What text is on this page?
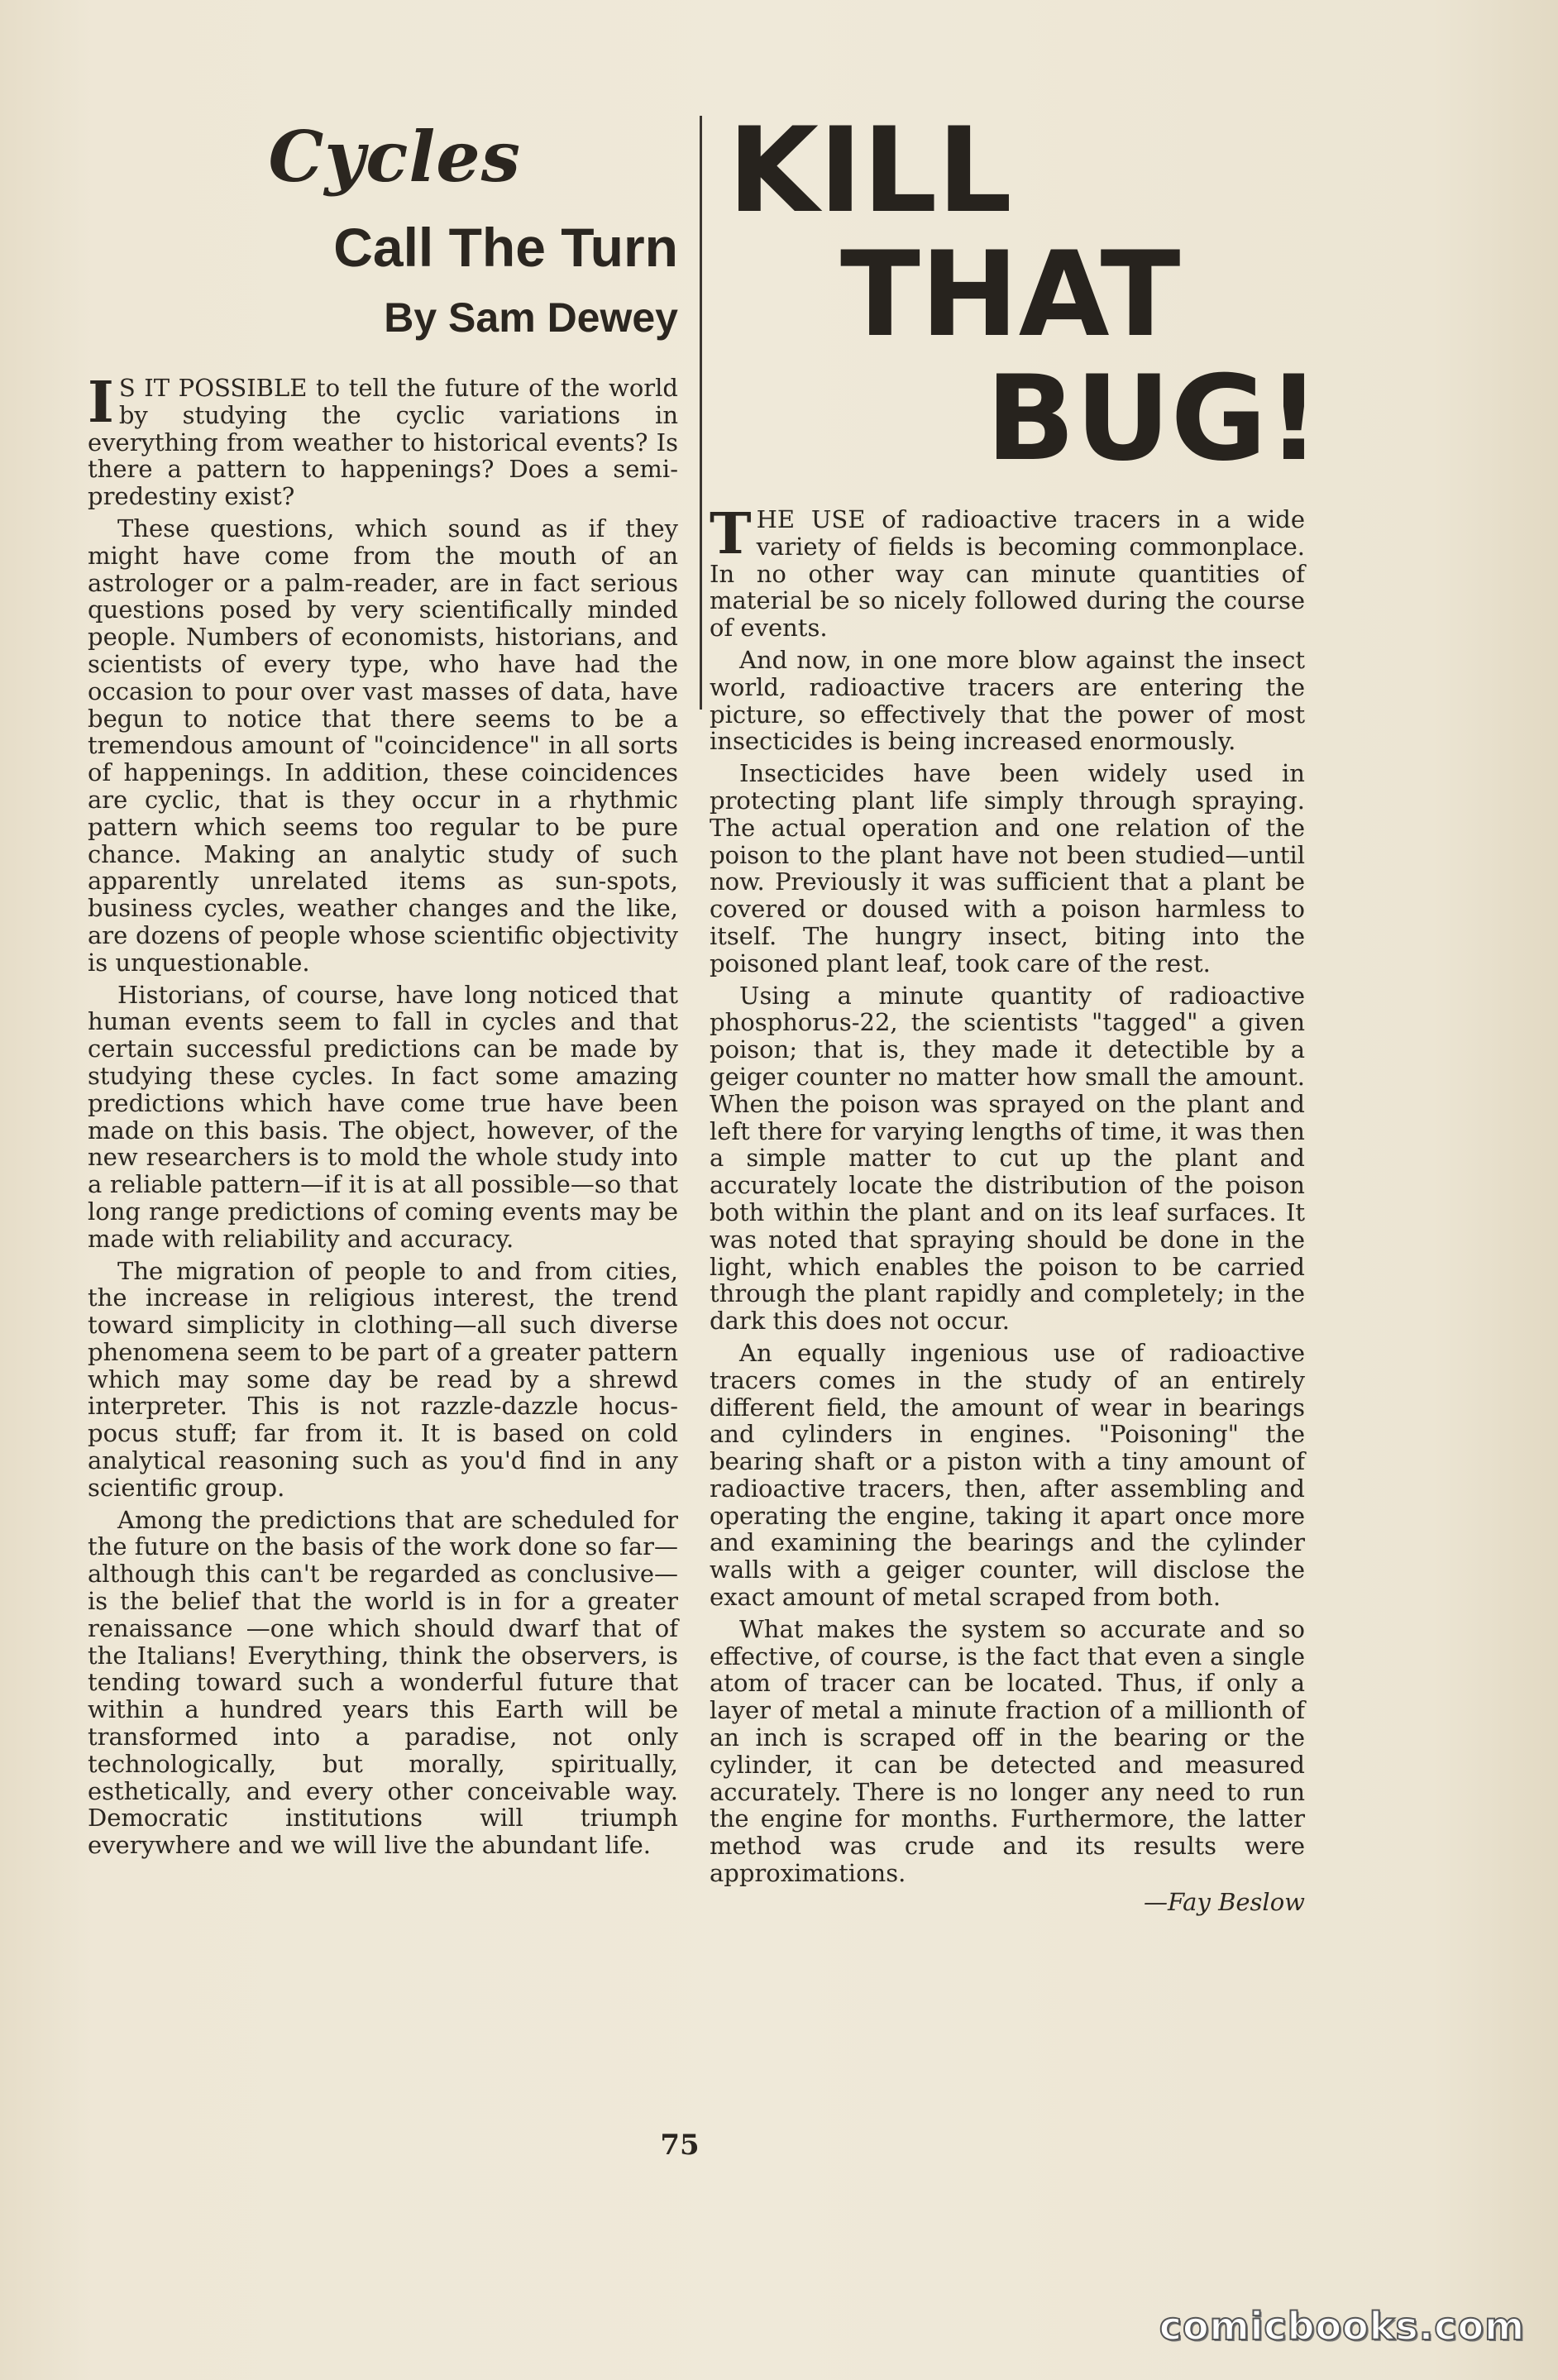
Cycles
Call The Turn
By Sam Dewey

I S IT POSSIBLE to tell the future of the world by studying the cyclic variations in everything from weather to historical events? Is there a pattern to happenings? Does a semi-predestiny exist?

These questions, which sound as if they might have come from the mouth of an astrologer or a palm-reader, are in fact serious questions posed by very scientifically minded people. Numbers of economists, historians, and scientists of every type, who have had the occasion to pour over vast masses of data, have begun to notice that there seems to be a tremendous amount of "coincidence" in all sorts of happenings. In addition, these coincidences are cyclic, that is they occur in a rhythmic pattern which seems too regular to be pure chance. Making an analytic study of such apparently unrelated items as sun-spots, business cycles, weather changes and the like, are dozens of people whose scientific objectivity is unquestionable.

Historians, of course, have long noticed that human events seem to fall in cycles and that certain successful predictions can be made by studying these cycles. In fact some amazing predictions which have come true have been made on this basis. The object, however, of the new researchers is to mold the whole study into a reliable pattern—if it is at all possible—so that long range predictions of coming events may be made with reliability and accuracy.

The migration of people to and from cities, the increase in religious interest, the trend toward simplicity in clothing—all such diverse phenomena seem to be part of a greater pattern which may some day be read by a shrewd interpreter. This is not razzle-dazzle hocus-pocus stuff; far from it. It is based on cold analytical reasoning such as you'd find in any scientific group.

Among the predictions that are scheduled for the future on the basis of the work done so far—although this can't be regarded as conclusive—is the belief that the world is in for a greater renaissance —one which should dwarf that of the Italians! Everything, think the observers, is tending toward such a wonderful future that within a hundred years this Earth will be transformed into a paradise, not only technologically, but morally, spiritually, esthetically, and every other conceivable way. Democratic institutions will triumph everywhere and we will live the abundant life.

KILL
THAT
BUG!

THE USE of radioactive tracers in a wide variety of fields is becoming commonplace. In no other way can minute quantities of material be so nicely followed during the course of events.

And now, in one more blow against the insect world, radioactive tracers are entering the picture, so effectively that the power of most insecticides is being increased enormously.

Insecticides have been widely used in protecting plant life simply through spraying. The actual operation and one relation of the poison to the plant have not been studied—until now. Previously it was sufficient that a plant be covered or doused with a poison harmless to itself. The hungry insect, biting into the poisoned plant leaf, took care of the rest.

Using a minute quantity of radioactive phosphorus-22, the scientists "tagged" a given poison; that is, they made it detectible by a geiger counter no matter how small the amount. When the poison was sprayed on the plant and left there for varying lengths of time, it was then a simple matter to cut up the plant and accurately locate the distribution of the poison both within the plant and on its leaf surfaces. It was noted that spraying should be done in the light, which enables the poison to be carried through the plant rapidly and completely; in the dark this does not occur.

An equally ingenious use of radioactive tracers comes in the study of an entirely different field, the amount of wear in bearings and cylinders in engines. "Poisoning" the bearing shaft or a piston with a tiny amount of radioactive tracers, then, after assembling and operating the engine, taking it apart once more and examining the bearings and the cylinder walls with a geiger counter, will disclose the exact amount of metal scraped from both.

What makes the system so accurate and so effective, of course, is the fact that even a single atom of tracer can be located. Thus, if only a layer of metal a minute fraction of a millionth of an inch is scraped off in the bearing or the cylinder, it can be detected and measured accurately. There is no longer any need to run the engine for months. Furthermore, the latter method was crude and its results were approximations.

—Fay Beslow
75
comicbooks.com
